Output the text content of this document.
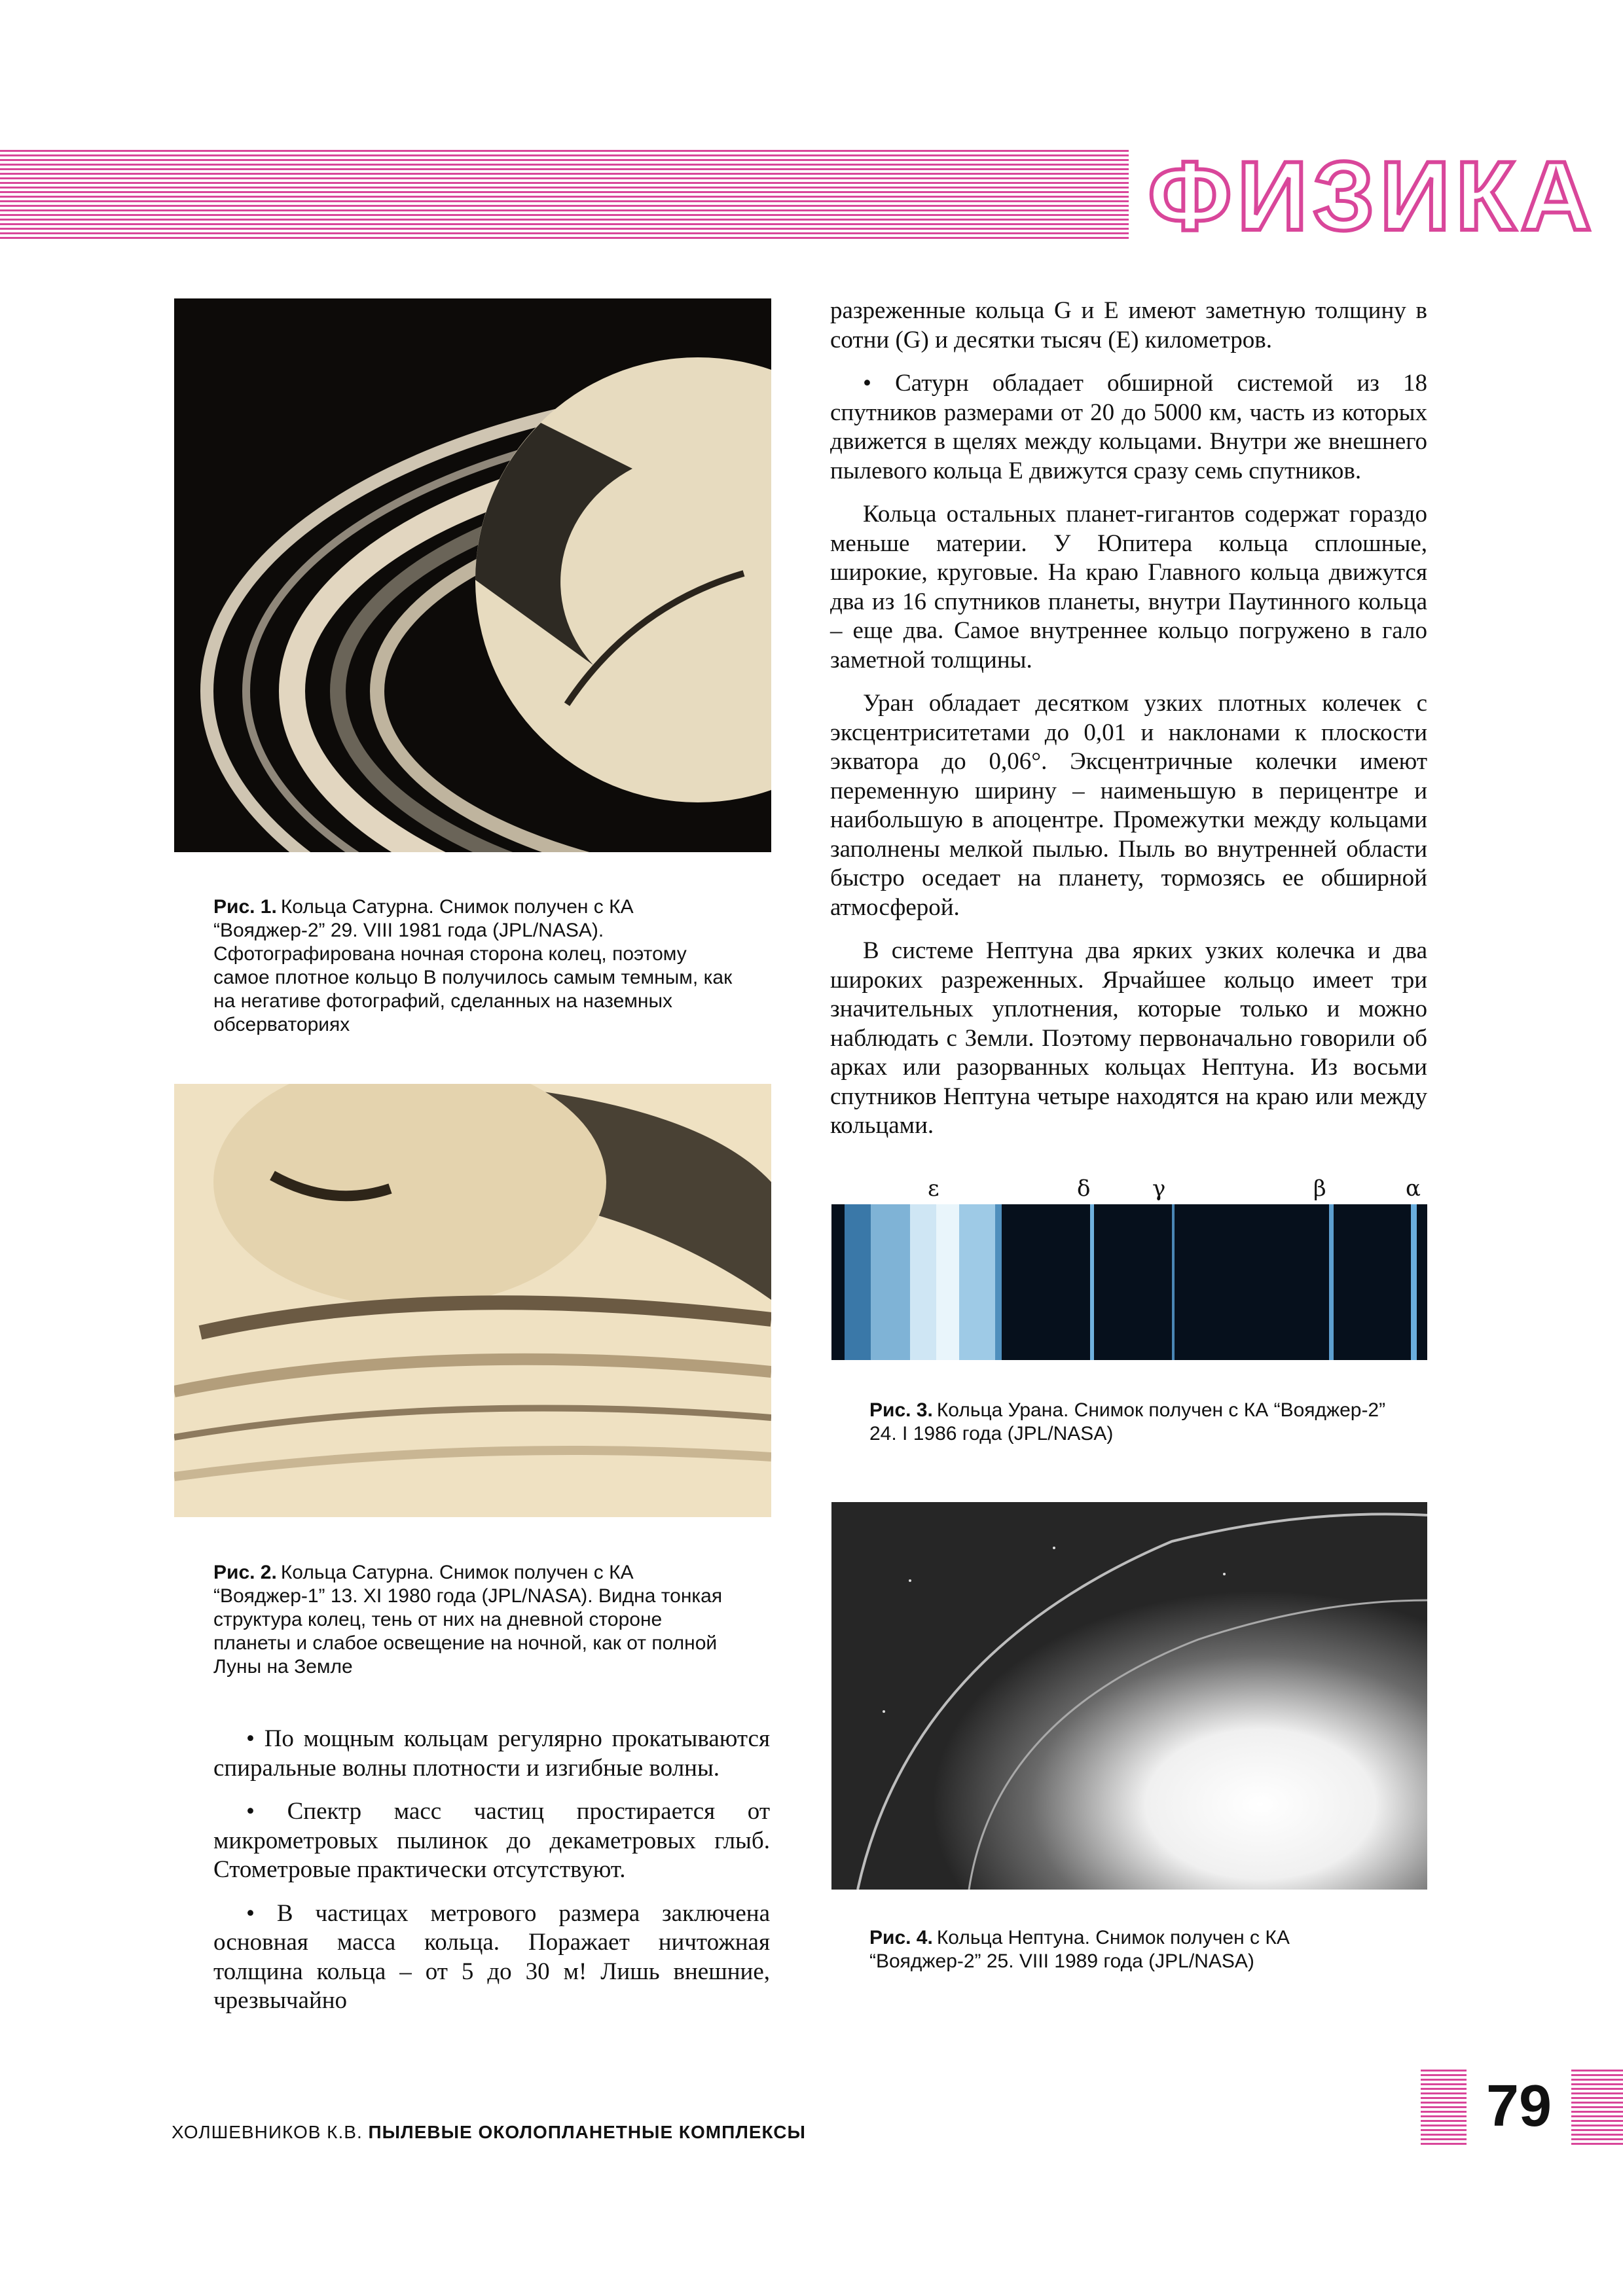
ФИЗИКА
Рис. 1. Кольца Сатурна. Снимок получен с КА “Вояджер-2” 29. VIII 1981 года (JPL/NASA). Сфотографирована ночная сторона колец, поэтому самое плотное кольцо В получилось самым темным, как на негативе фотографий, сделанных на наземных обсерваториях
Рис. 2. Кольца Сатурна. Снимок получен с КА “Вояджер-1” 13. XI 1980 года (JPL/NASA). Видна тонкая структура колец, тень от них на дневной стороне планеты и слабое освещение на ночной, как от полной Луны на Земле

• По мощным кольцам регулярно прокатываются спиральные волны плотности и изгибные волны.

• Спектр масс частиц простирается от микрометровых пылинок до декаметровых глыб. Стометровые практически отсутствуют.

• В частицах метрового размера заключена основная масса кольца. Поражает ничтожная толщина кольца – от 5 до 30 м! Лишь внешние, чрезвычайно

разреженные кольца G и E имеют заметную толщину в сотни (G) и десятки тысяч (E) километров.

• Сатурн обладает обширной системой из 18 спутников размерами от 20 до 5000 км, часть из которых движется в щелях между кольцами. Внутри же внешнего пылевого кольца E движутся сразу семь спутников.

Кольца остальных планет-гигантов содержат гораздо меньше материи. У Юпитера кольца сплошные, широкие, круговые. На краю Главного кольца движутся два из 16 спутников планеты, внутри Паутинного кольца – еще два. Самое внутреннее кольцо погружено в гало заметной толщины.

Уран обладает десятком узких плотных колечек с эксцентриситетами до 0,01 и наклонами к плоскости экватора до 0,06°. Эксцентричные колечки имеют переменную ширину – наименьшую в перицентре и наибольшую в апоцентре. Промежутки между кольцами заполнены мелкой пылью. Пыль во внутренней области быстро оседает на планету, тормозясь ее обширной атмосферой.

В системе Нептуна два ярких узких колечка и два широких разреженных. Ярчайшее кольцо имеет три значительных уплотнения, которые только и можно наблюдать с Земли. Поэтому первоначально говорили об арках или разорванных кольцах Нептуна. Из восьми спутников Нептуна четыре находятся на краю или между кольцами.

ε	δ	γ	β	α
Рис. 3. Кольца Урана. Снимок получен с КА “Вояджер-2” 24. I 1986 года (JPL/NASA)
Рис. 4. Кольца Нептуна. Снимок получен с КА “Вояджер-2” 25. VIII 1989 года (JPL/NASA)
ХОЛШЕВНИКОВ К.В. ПЫЛЕВЫЕ ОКОЛОПЛАНЕТНЫЕ КОМПЛЕКСЫ	79
